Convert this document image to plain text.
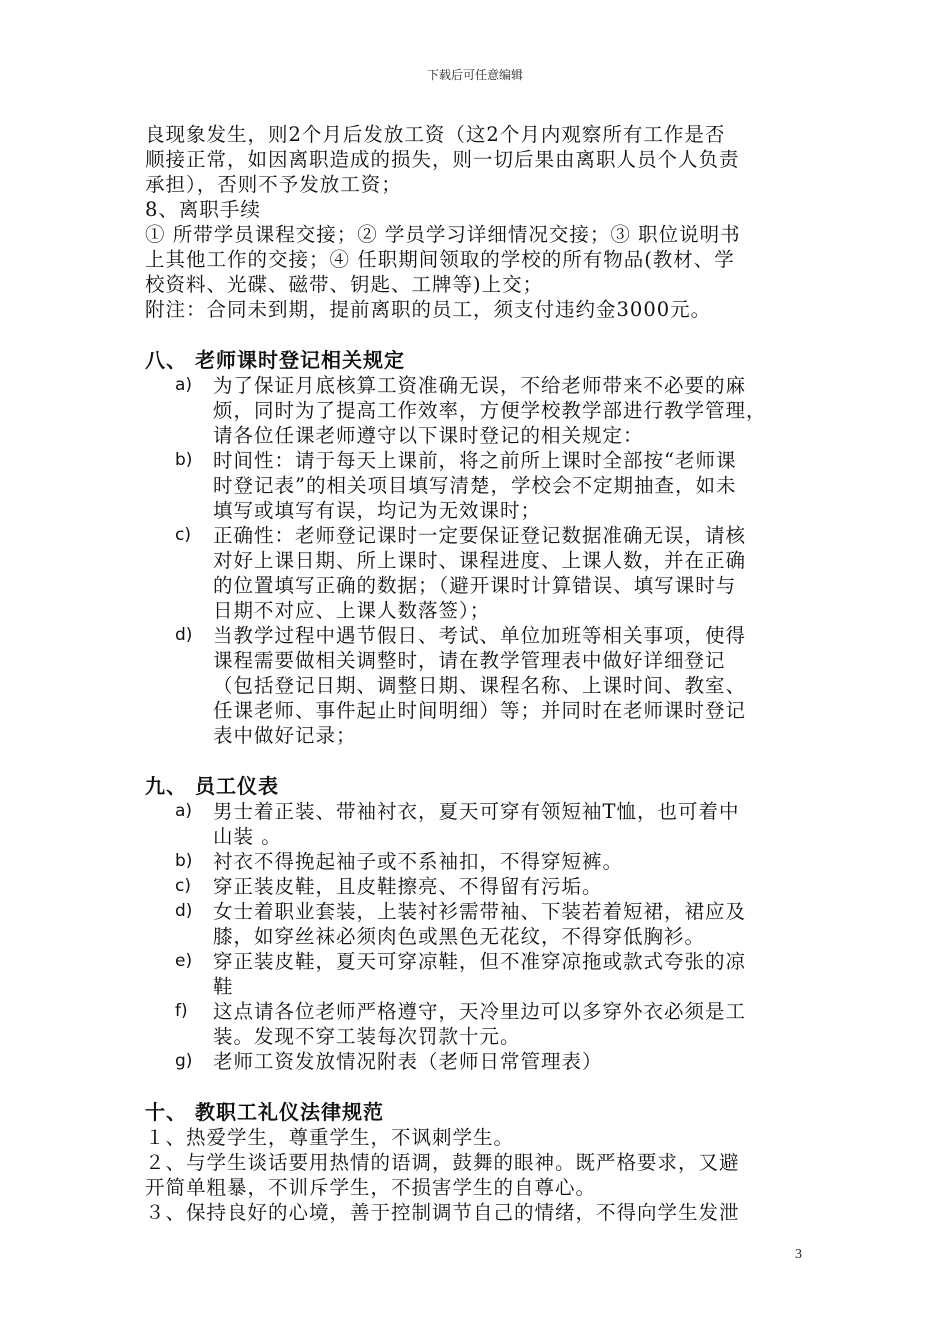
下载后可任意编辑

良现象发生，则2个月后发放工资（这2个月内观察所有工作是否

顺接正常，如因离职造成的损失，则一切后果由离职人员个人负责

承担），否则不予发放工资；

8、离职手续

① 所带学员课程交接；② 学员学习详细情况交接；③ 职位说明书

上其他工作的交接；④ 任职期间领取的学校的所有物品(教材、学

校资料、光碟、磁带、钥匙、工牌等)上交；

附注：合同未到期，提前离职的员工，须支付违约金3000元。

八、 老师课时登记相关规定
a)	为了保证月底核算工资准确无误，不给老师带来不必要的麻
烦，同时为了提高工作效率，方便学校教学部进行教学管理，
请各位任课老师遵守以下课时登记的相关规定：
b)	时间性：请于每天上课前，将之前所上课时全部按“老师课
时登记表”的相关项目填写清楚，学校会不定期抽查，如未
填写或填写有误，均记为无效课时；
c)	正确性：老师登记课时一定要保证登记数据准确无误，请核
对好上课日期、所上课时、课程进度、上课人数，并在正确
的位置填写正确的数据；（避开课时计算错误、填写课时与
日期不对应、上课人数落签）；
d)	当教学过程中遇节假日、考试、单位加班等相关事项，使得
课程需要做相关调整时，请在教学管理表中做好详细登记
（包括登记日期、调整日期、课程名称、上课时间、教室、
任课老师、事件起止时间明细）等；并同时在老师课时登记
表中做好记录；
九、 员工仪表
a)	男士着正装、带袖衬衣，夏天可穿有领短袖T恤，也可着中
山装 。
b)	衬衣不得挽起袖子或不系袖扣，不得穿短裤。
c)	穿正装皮鞋，且皮鞋擦亮、不得留有污垢。
d)	女士着职业套装，上装衬衫需带袖、下装若着短裙，裙应及
膝，如穿丝袜必须肉色或黑色无花纹，不得穿低胸衫。
e)	穿正装皮鞋，夏天可穿凉鞋，但不准穿凉拖或款式夸张的凉
鞋
f)	这点请各位老师严格遵守，天冷里边可以多穿外衣必须是工
装。发现不穿工装每次罚款十元。
g)	老师工资发放情况附表（老师日常管理表）
十、 教职工礼仪法律规范

１、热爱学生，尊重学生，不讽刺学生。

２、与学生谈话要用热情的语调，鼓舞的眼神。既严格要求，又避

开简单粗暴，不训斥学生，不损害学生的自尊心。

３、保持良好的心境，善于控制调节自己的情绪，不得向学生发泄

3
